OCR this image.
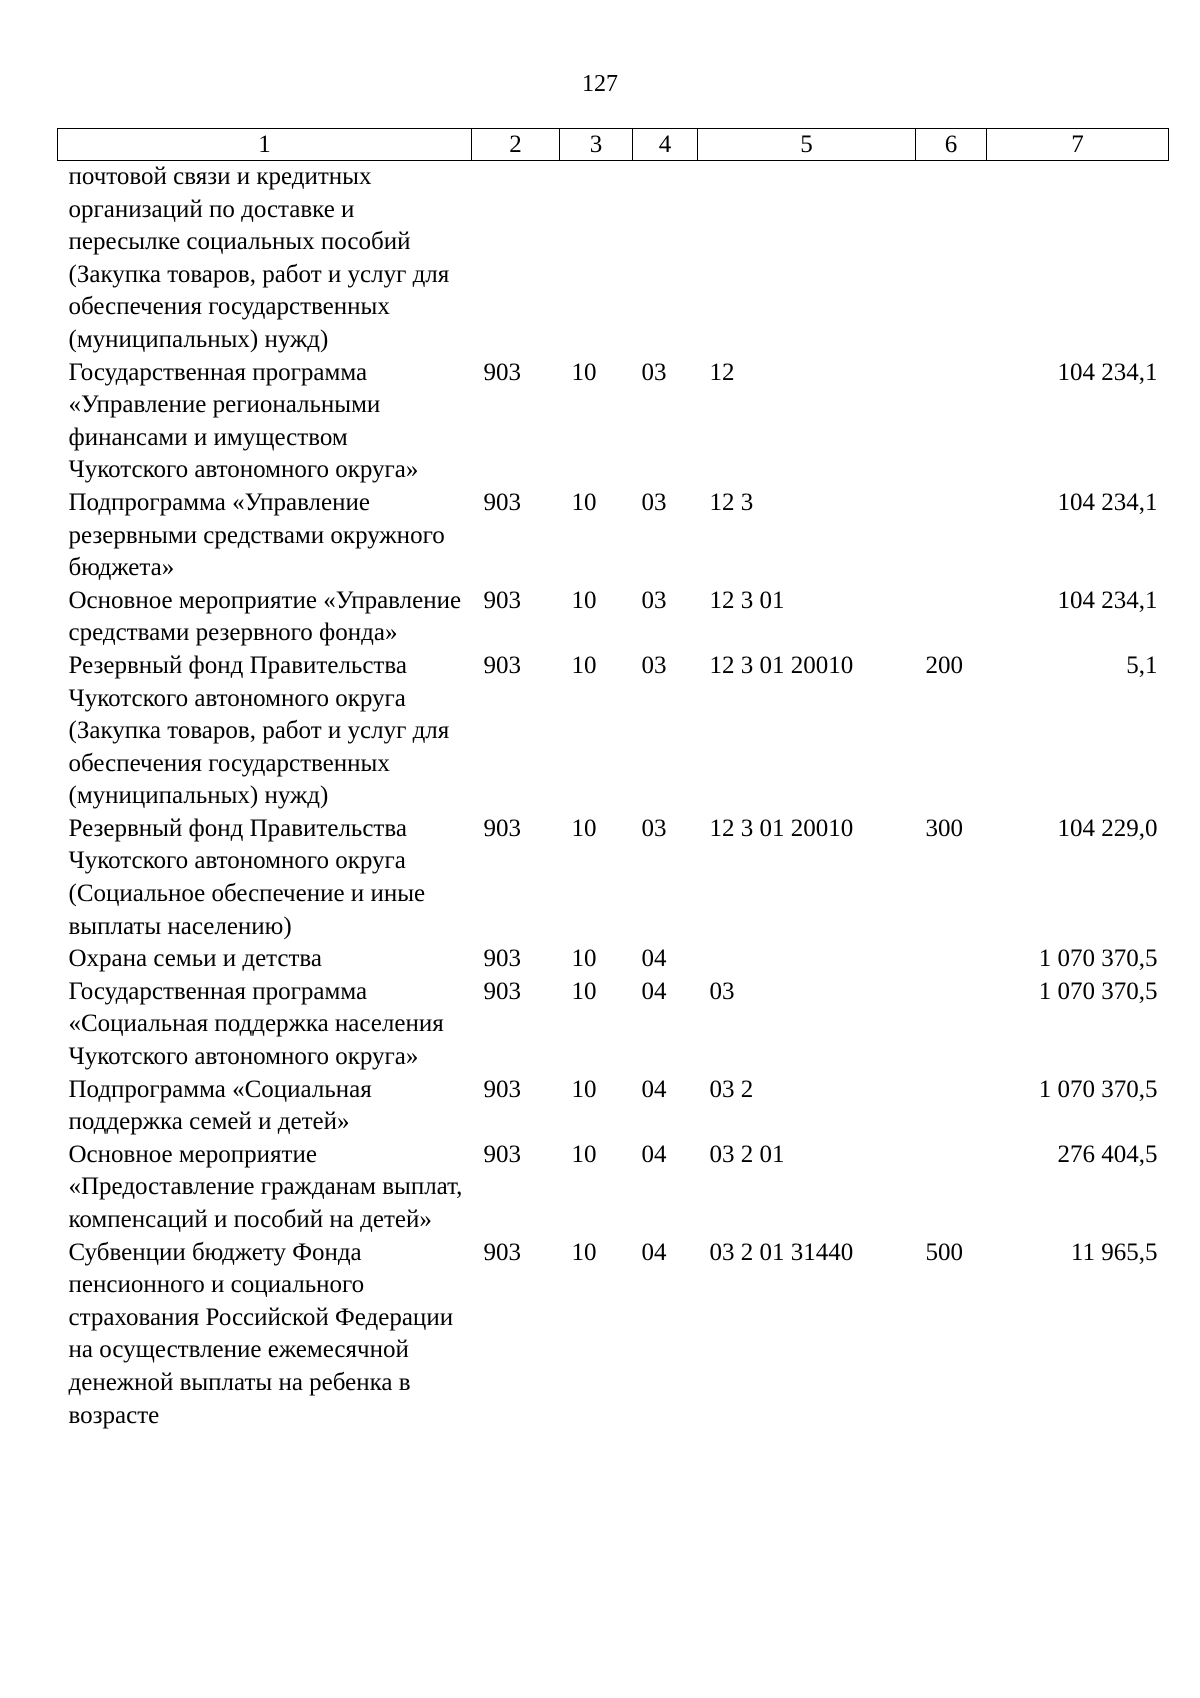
127
1	2	3	4	5	6	7
почтовой связи и кредитных организаций по доставке и пересылке социальных пособий (Закупка товаров, работ и услуг для обеспечения государственных (муниципальных) нужд)						
Государственная программа «Управление региональными финансами и имуществом Чукотского автономного округа»	903	10	03	12		104 234,1
Подпрограмма «Управление резервными средствами окружного бюджета»	903	10	03	12 3		104 234,1
Основное мероприятие «Управление средствами резервного фонда»	903	10	03	12 3 01		104 234,1
Резервный фонд Правительства Чукотского автономного округа (Закупка товаров, работ и услуг для обеспечения государственных (муниципальных) нужд)	903	10	03	12 3 01 20010	200	5,1
Резервный фонд Правительства Чукотского автономного округа (Социальное обеспечение и иные выплаты населению)	903	10	03	12 3 01 20010	300	104 229,0
Охрана семьи и детства	903	10	04			1 070 370,5
Государственная программа «Социальная поддержка населения Чукотского автономного округа»	903	10	04	03		1 070 370,5
Подпрограмма «Социальная поддержка семей и детей»	903	10	04	03 2		1 070 370,5
Основное мероприятие «Предоставление гражданам выплат, компенсаций и пособий на детей»	903	10	04	03 2 01		276 404,5
Субвенции бюджету Фонда пенсионного и социального страхования Российской Федерации на осуществление ежемесячной денежной выплаты на ребенка в возрасте	903	10	04	03 2 01 31440	500	11 965,5
